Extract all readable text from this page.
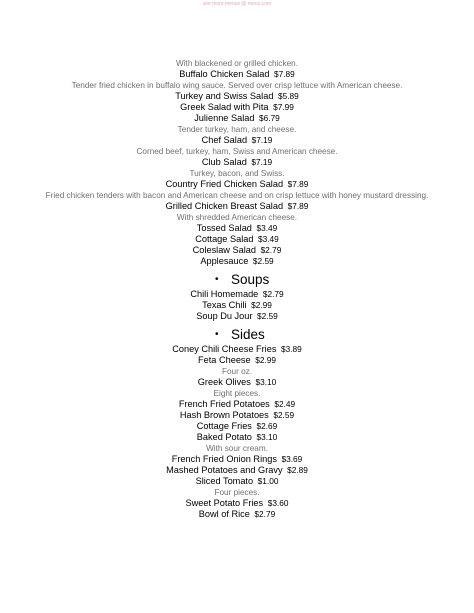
see more menus @ menu.com
With blackened or grilled chicken.
Buffalo Chicken Salad $7.89
Tender fried chicken in buffalo wing sauce. Served over crisp lettuce with American cheese.
Turkey and Swiss Salad $5.89
Greek Salad with Pita $7.99
Julienne Salad $6.79
Tender turkey, ham, and cheese.
Chef Salad $7.19
Corned beef, turkey, ham, Swiss and American cheese.
Club Salad $7.19
Turkey, bacon, and Swiss.
Country Fried Chicken Salad $7.89
Fried chicken tenders with bacon and American cheese and on crisp lettuce with honey mustard dressing.
Grilled Chicken Breast Salad $7.89
With shredded American cheese.
Tossed Salad $3.49
Cottage Salad $3.49
Coleslaw Salad $2.79
Applesauce $2.59
• Soups
Chili Homemade $2.79
Texas Chili $2.99
Soup Du Jour $2.59
• Sides
Coney Chili Cheese Fries $3.89
Feta Cheese $2.99
Four oz.
Greek Olives $3.10
Eight pieces.
French Fried Potatoes $2.49
Hash Brown Potatoes $2.59
Cottage Fries $2.69
Baked Potato $3.10
With sour cream.
French Fried Onion Rings $3.69
Mashed Potatoes and Gravy $2.89
Sliced Tomato $1.00
Four pieces.
Sweet Potato Fries $3.60
Bowl of Rice $2.79
